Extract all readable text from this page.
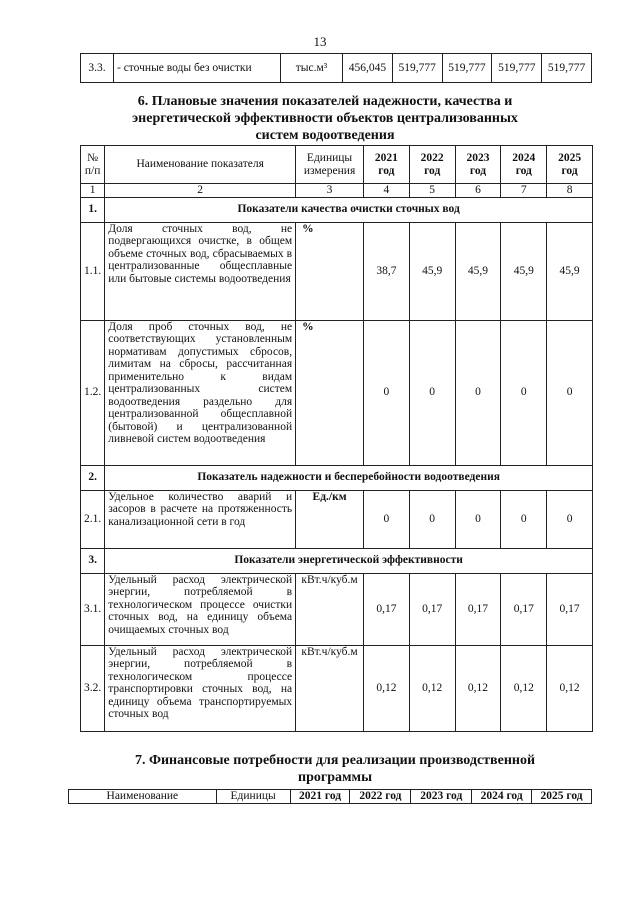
13
3.3.	- сточные воды без очистки	тыс.м³	456,045	519,777	519,777	519,777	519,777
6. Плановые значения показателей надежности, качества и энергетической эффективности объектов централизованных систем водоотведения
№ п/п	Наименование показателя	Единицы измерения	2021 год	2022 год	2023 год	2024 год	2025 год
1	2	3	4	5	6	7	8
1.	Показатели качества очистки сточных вод						
1.1.	Доля сточных вод, не подвергающихся очистке, в общем объеме сточных вод, сбрасываемых в централизованные общесплавные или бытовые системы водоотведения	%	38,7	45,9	45,9	45,9	45,9
1.2.	Доля проб сточных вод, не соответствующих установленным нормативам допустимых сбросов, лимитам на сбросы, рассчитанная применительно к видам централизованных систем водоотведения раздельно для централизованной общесплавной (бытовой) и централизованной ливневой систем водоотведения	%	0	0	0	0	0
2.	Показатель надежности и бесперебойности водоотведения						
2.1.	Удельное количество аварий и засоров в расчете на протяженность канализационной сети в год	Ед./км	0	0	0	0	0
3.	Показатели энергетической эффективности						
3.1.	Удельный расход электрической энергии, потребляемой в технологическом процессе очистки сточных вод, на единицу объема очищаемых сточных вод	кВт.ч/куб.м	0,17	0,17	0,17	0,17	0,17
3.2.	Удельный расход электрической энергии, потребляемой в технологическом процессе транспортировки сточных вод, на единицу объема транспортируемых сточных вод	кВт.ч/куб.м	0,12	0,12	0,12	0,12	0,12
7. Финансовые потребности для реализации производственной программы
Наименование	Единицы	2021 год	2022 год	2023 год	2024 год	2025 год
